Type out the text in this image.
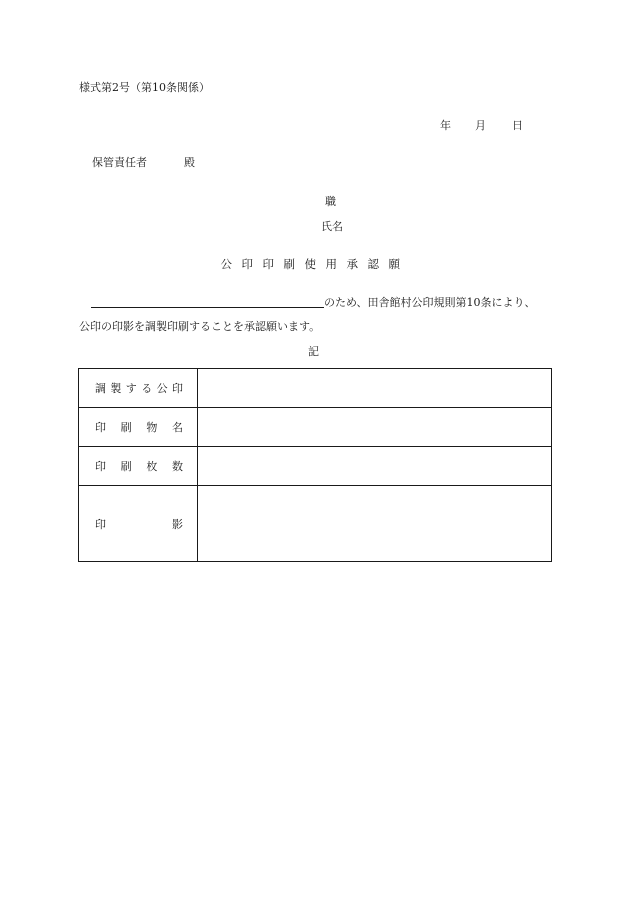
様式第2号（第10条関係）
年 月 日
保管責任者	殿
職
氏名
公印印刷使用承認願
のため、田舎館村公印規則第10条により、
公印の印影を調製印刷することを承認願います。
記
調製する公印	

印刷物名	

印刷枚数	

印影	
